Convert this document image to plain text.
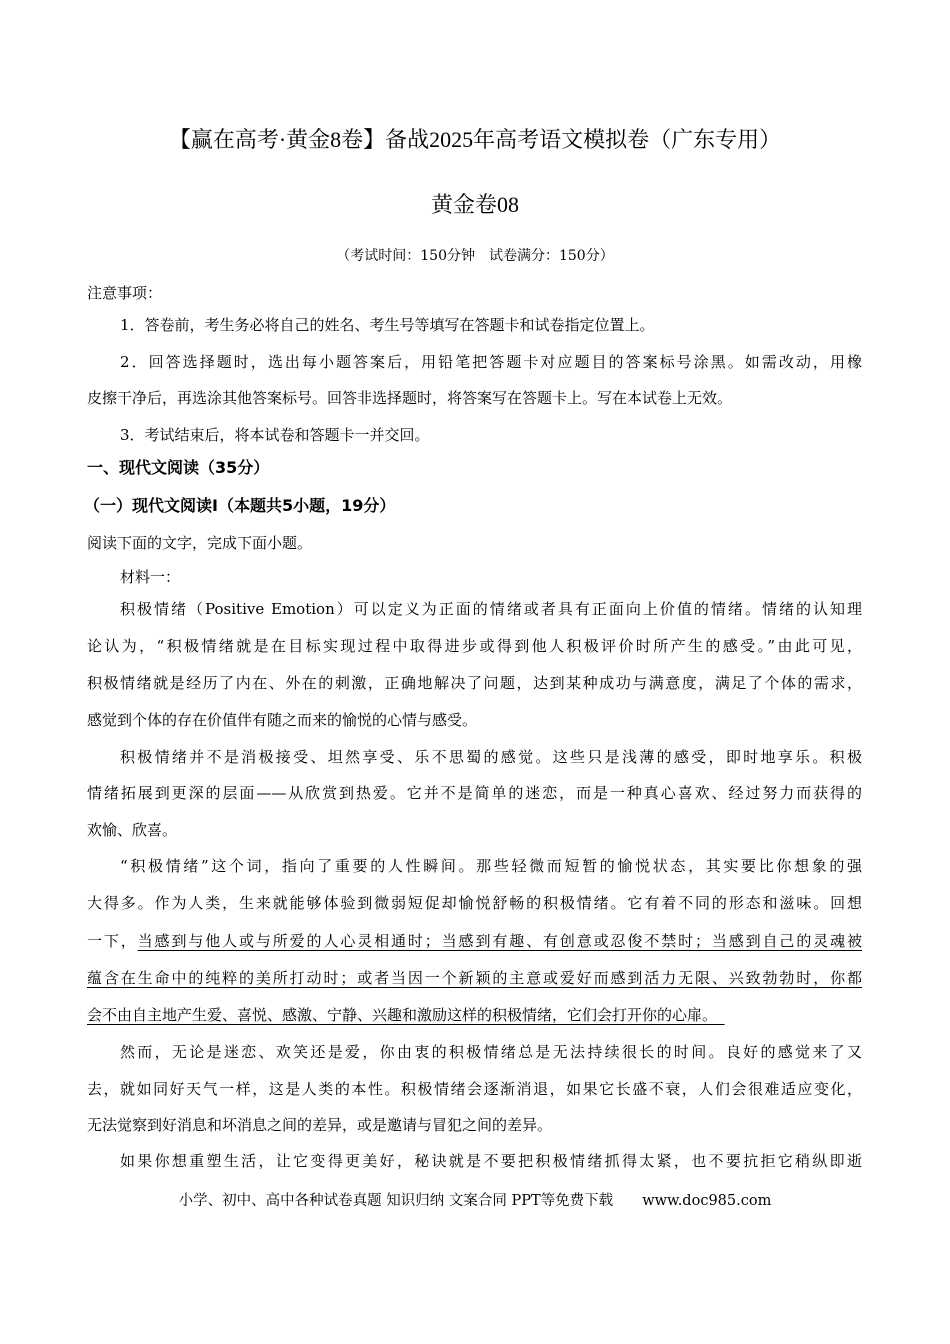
【赢在高考·黄金8卷】备战2025年高考语文模拟卷（广东专用）
黄金卷08
（考试时间：150分钟　试卷满分：150分）
注意事项：
1．答卷前，考生务必将自己的姓名、考生号等填写在答题卡和试卷指定位置上。
2．回答选择题时，选出每小题答案后，用铅笔把答题卡对应题目的答案标号涂黑。如需改动，用橡
皮擦干净后，再选涂其他答案标号。回答非选择题时，将答案写在答题卡上。写在本试卷上无效。
3．考试结束后，将本试卷和答题卡一并交回。
一、现代文阅读（35分）
（一）现代文阅读Ⅰ（本题共5小题，19分）
阅读下面的文字，完成下面小题。
材料一：
“积极情绪”这个词，指向了重要的人性瞬间。那些轻微而短暂的愉悦状态，其实要比你想象的强
大得多。作为人类，生来就能够体验到微弱短促却愉悦舒畅的积极情绪。它有着不同的形态和滋味。回想
一下，当感到与他人或与所爱的人心灵相通时；当感到有趣、有创意或忍俊不禁时；当感到自己的灵魂被
蕴含在生命中的纯粹的美所打动时；或者当因一个新颖的主意或爱好而感到活力无限、兴致勃勃时，你都
会不由自主地产生爱、喜悦、感激、宁静、兴趣和激励这样的积极情绪，它们会打开你的心扉。　
小学、初中、高中各种试卷真题 知识归纳 文案合同 PPT等免费下载　　 www.doc985.com
积极情绪（Positive Emotion）可以定义为正面的情绪或者具有正面向上价值的情绪。情绪的认知理
论认为，“积极情绪就是在目标实现过程中取得进步或得到他人积极评价时所产生的感受。”由此可见，
积极情绪就是经历了内在、外在的刺激，正确地解决了问题，达到某种成功与满意度，满足了个体的需求，
感觉到个体的存在价值伴有随之而来的愉悦的心情与感受。
积极情绪并不是消极接受、坦然享受、乐不思蜀的感觉。这些只是浅薄的感受，即时地享乐。积极
情绪拓展到更深的层面——从欣赏到热爱。它并不是简单的迷恋，而是一种真心喜欢、经过努力而获得的
欢愉、欣喜。
然而，无论是迷恋、欢笑还是爱，你由衷的积极情绪总是无法持续很长的时间。良好的感觉来了又
去，就如同好天气一样，这是人类的本性。积极情绪会逐渐消退，如果它长盛不衰，人们会很难适应变化，
无法觉察到好消息和坏消息之间的差异，或是邀请与冒犯之间的差异。
如果你想重塑生活，让它变得更美好，秘诀就是不要把积极情绪抓得太紧，也不要抗拒它稍纵即逝
